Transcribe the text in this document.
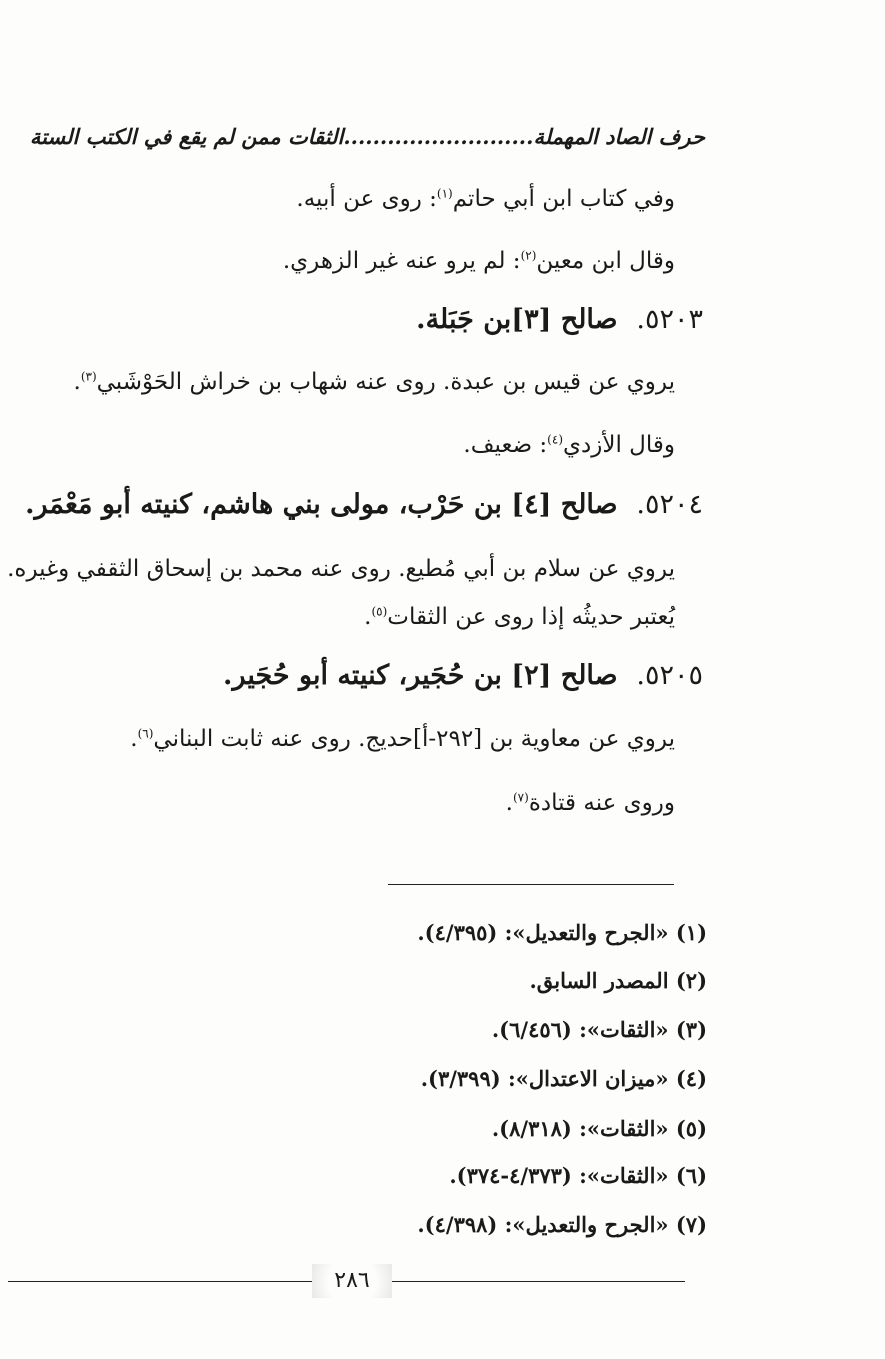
حرف الصاد المهملة..........................الثقات ممن لم يقع في الكتب الستة
وفي كتاب ابن أبي حاتم$^{(١)}$: روى عن أبيه.
وقال ابن معين$^{(٢)}$: لم يرو عنه غير الزهري.
٥٢٠٣.  صالح [٣]بن جَبَلة.
يروي عن قيس بن عبدة. روى عنه شهاب بن خراش الحَوْشَبي$^{(٣)}$.
وقال الأزدي$^{(٤)}$: ضعيف.
٥٢٠٤.  صالح [٤] بن حَرْب، مولى بني هاشم، كنيته أبو مَعْمَر.
يروي عن سلام بن أبي مُطيع. روى عنه محمد بن إسحاق الثقفي وغيره.
يُعتبر حديثُه إذا روى عن الثقات$^{(٥)}$.
٥٢٠٥.  صالح [٢] بن حُجَير، كنيته أبو حُجَير.
يروي عن معاوية بن [٢٩٢-أ]حديج. روى عنه ثابت البناني$^{(٦)}$.
وروى عنه قتادة$^{(٧)}$.
(١) «الجرح والتعديل»: (٤/٣٩٥).
(٢) المصدر السابق.
(٣) «الثقات»: (٦/٤٥٦).
(٤) «ميزان الاعتدال»: (٣/٣٩٩).
(٥) «الثقات»: (٨/٣١٨).
(٦) «الثقات»: (٤/٣٧٣-٣٧٤).
(٧) «الجرح والتعديل»: (٤/٣٩٨).
٢٨٦
